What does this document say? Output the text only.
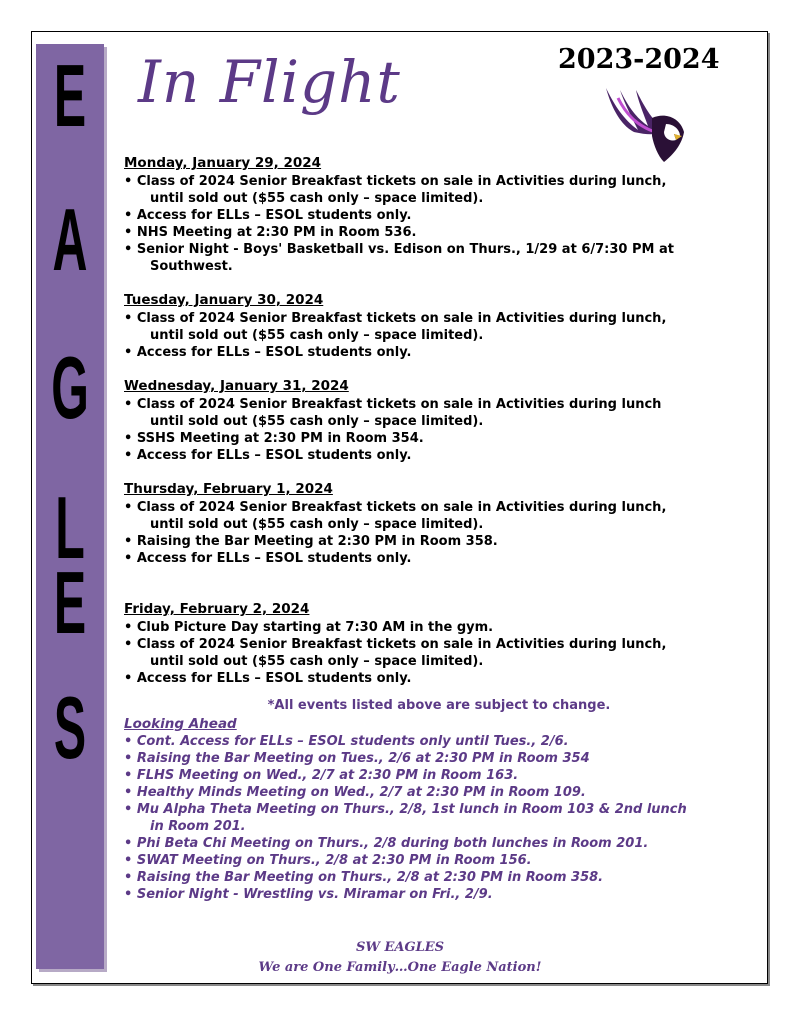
E
A
G
L
E
S
In Flight	2023-2024
Monday, January 29, 2024
• Class of 2024 Senior Breakfast tickets on sale in Activities during lunch,
until sold out ($55 cash only – space limited).
• Access for ELLs – ESOL students only.
• NHS Meeting at 2:30 PM in Room 536.
• Senior Night - Boys' Basketball vs. Edison on Thurs., 1/29 at 6/7:30 PM at
Southwest.
Tuesday, January 30, 2024
• Class of 2024 Senior Breakfast tickets on sale in Activities during lunch,
until sold out ($55 cash only – space limited).
• Access for ELLs – ESOL students only.
Wednesday, January 31, 2024
• Class of 2024 Senior Breakfast tickets on sale in Activities during lunch
until sold out ($55 cash only – space limited).
• SSHS Meeting at 2:30 PM in Room 354.
• Access for ELLs – ESOL students only.
Thursday, February 1, 2024
• Class of 2024 Senior Breakfast tickets on sale in Activities during lunch,
until sold out ($55 cash only – space limited).
• Raising the Bar Meeting at 2:30 PM in Room 358.
• Access for ELLs – ESOL students only.
Friday, February 2, 2024
• Club Picture Day starting at 7:30 AM in the gym.
• Class of 2024 Senior Breakfast tickets on sale in Activities during lunch,
until sold out ($55 cash only – space limited).
• Access for ELLs – ESOL students only.
*All events listed above are subject to change.
Looking Ahead
• Cont. Access for ELLs – ESOL students only until Tues., 2/6.
• Raising the Bar Meeting on Tues., 2/6 at 2:30 PM in Room 354
• FLHS Meeting on Wed., 2/7 at 2:30 PM in Room 163.
• Healthy Minds Meeting on Wed., 2/7 at 2:30 PM in Room 109.
• Mu Alpha Theta Meeting on Thurs., 2/8, 1st lunch in Room 103 & 2nd lunch
in Room 201.
• Phi Beta Chi Meeting on Thurs., 2/8 during both lunches in Room 201.
• SWAT Meeting on Thurs., 2/8 at 2:30 PM in Room 156.
• Raising the Bar Meeting on Thurs., 2/8 at 2:30 PM in Room 358.
• Senior Night - Wrestling vs. Miramar on Fri., 2/9.
SW EAGLES
We are One Family…One Eagle Nation!
